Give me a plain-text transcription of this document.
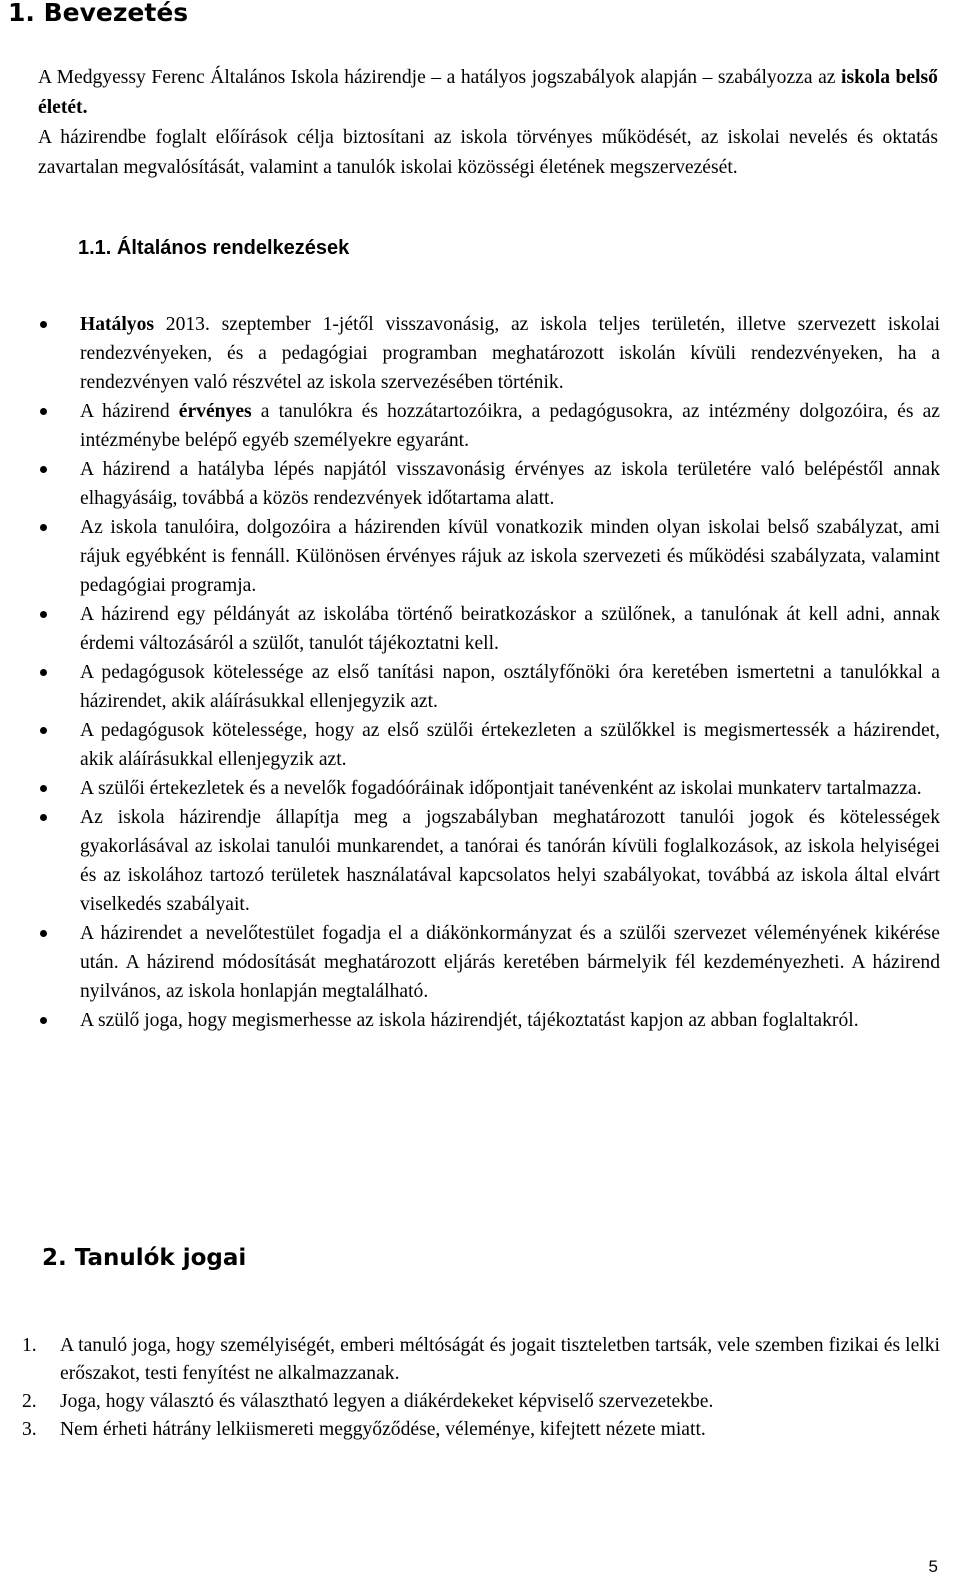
1. Bevezetés

A Medgyessy Ferenc Általános Iskola házirendje – a hatályos jogszabályok alapján – szabályozza az iskola belső életét.

A házirendbe foglalt előírások célja biztosítani az iskola törvényes működését, az iskolai nevelés és oktatás zavartalan megvalósítását, valamint a tanulók iskolai közösségi életének megszervezését.

1.1. Általános rendelkezések
Hatályos 2013. szeptember 1-jétől visszavonásig, az iskola teljes területén, illetve szervezett iskolai rendezvényeken, és a pedagógiai programban meghatározott iskolán kívüli rendezvényeken, ha a rendezvényen való részvétel az iskola szervezésében történik.
A házirend érvényes a tanulókra és hozzátartozóikra, a pedagógusokra, az intézmény dolgozóira, és az intézménybe belépő egyéb személyekre egyaránt.
A házirend a hatályba lépés napjától visszavonásig érvényes az iskola területére való belépéstől annak elhagyásáig, továbbá a közös rendezvények időtartama alatt.
Az iskola tanulóira, dolgozóira a házirenden kívül vonatkozik minden olyan iskolai belső szabályzat, ami rájuk egyébként is fennáll. Különösen érvényes rájuk az iskola szervezeti és működési szabályzata, valamint pedagógiai programja.
A házirend egy példányát az iskolába történő beiratkozáskor a szülőnek, a tanulónak át kell adni, annak érdemi változásáról a szülőt, tanulót tájékoztatni kell.
A pedagógusok kötelessége az első tanítási napon, osztályfőnöki óra keretében ismertetni a tanulókkal a házirendet, akik aláírásukkal ellenjegyzik azt.
A pedagógusok kötelessége, hogy az első szülői értekezleten a szülőkkel is megismertessék a házirendet, akik aláírásukkal ellenjegyzik azt.
A szülői értekezletek és a nevelők fogadóóráinak időpontjait tanévenként az iskolai munkaterv tartalmazza.
Az iskola házirendje állapítja meg a jogszabályban meghatározott tanulói jogok és kötelességek gyakorlásával az iskolai tanulói munkarendet, a tanórai és tanórán kívüli foglalkozások, az iskola helyiségei és az iskolához tartozó területek használatával kapcsolatos helyi szabályokat, továbbá az iskola által elvárt viselkedés szabályait.
A házirendet a nevelőtestület fogadja el a diákönkormányzat és a szülői szervezet véleményének kikérése után. A házirend módosítását meghatározott eljárás keretében bármelyik fél kezdeményezheti. A házirend nyilvános, az iskola honlapján megtalálható.
A szülő joga, hogy megismerhesse az iskola házirendjét, tájékoztatást kapjon az abban foglaltakról.
2. Tanulók jogai
1. A tanuló joga, hogy személyiségét, emberi méltóságát és jogait tiszteletben tartsák, vele szemben fizikai és lelki erőszakot, testi fenyítést ne alkalmazzanak.
2. Joga, hogy választó és választható legyen a diákérdekeket képviselő szervezetekbe.
3. Nem érheti hátrány lelkiismereti meggyőződése, véleménye, kifejtett nézete miatt.
5
